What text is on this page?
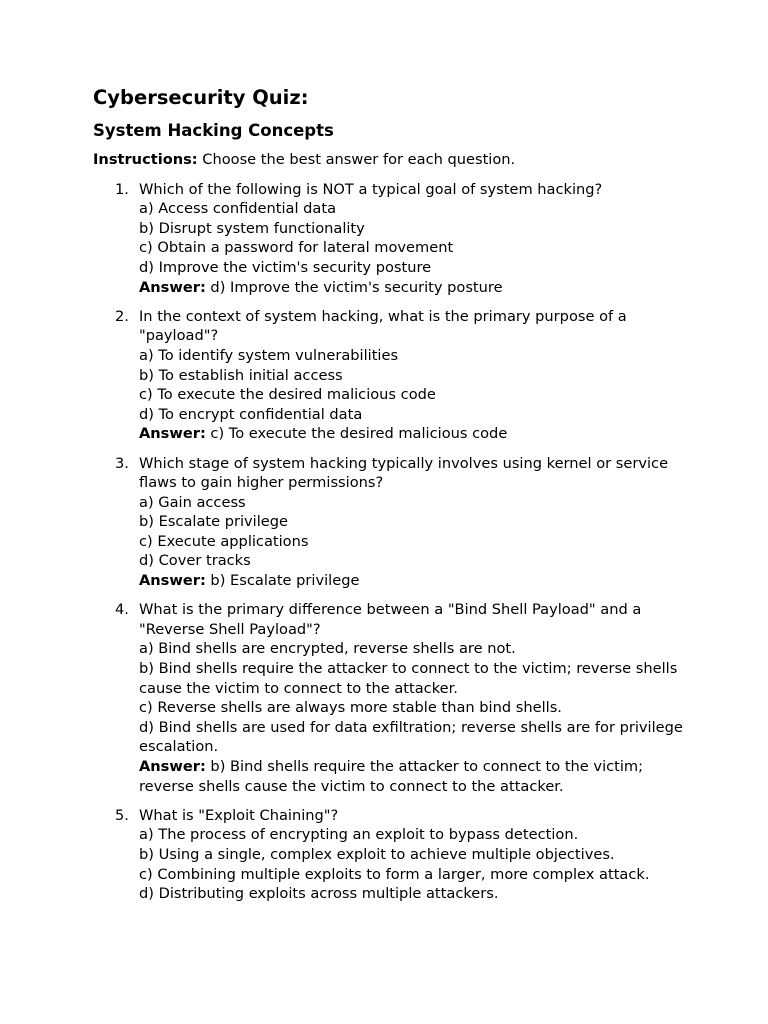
Cybersecurity Quiz:
System Hacking Concepts

Instructions: Choose the best answer for each question.

1. Which of the following is NOT a typical goal of system hacking?
a) Access confidential data
b) Disrupt system functionality
c) Obtain a password for lateral movement
d) Improve the victim's security posture
Answer: d) Improve the victim's security posture
2. In the context of system hacking, what is the primary purpose of a "payload"?
a) To identify system vulnerabilities
b) To establish initial access
c) To execute the desired malicious code
d) To encrypt confidential data
Answer: c) To execute the desired malicious code
3. Which stage of system hacking typically involves using kernel or service flaws to gain higher permissions?
a) Gain access
b) Escalate privilege
c) Execute applications
d) Cover tracks
Answer: b) Escalate privilege
4. What is the primary difference between a "Bind Shell Payload" and a "Reverse Shell Payload"?
a) Bind shells are encrypted, reverse shells are not.
b) Bind shells require the attacker to connect to the victim; reverse shells cause the victim to connect to the attacker.
c) Reverse shells are always more stable than bind shells.
d) Bind shells are used for data exfiltration; reverse shells are for privilege escalation.
Answer: b) Bind shells require the attacker to connect to the victim; reverse shells cause the victim to connect to the attacker.
5. What is "Exploit Chaining"?
a) The process of encrypting an exploit to bypass detection.
b) Using a single, complex exploit to achieve multiple objectives.
c) Combining multiple exploits to form a larger, more complex attack.
d) Distributing exploits across multiple attackers.
